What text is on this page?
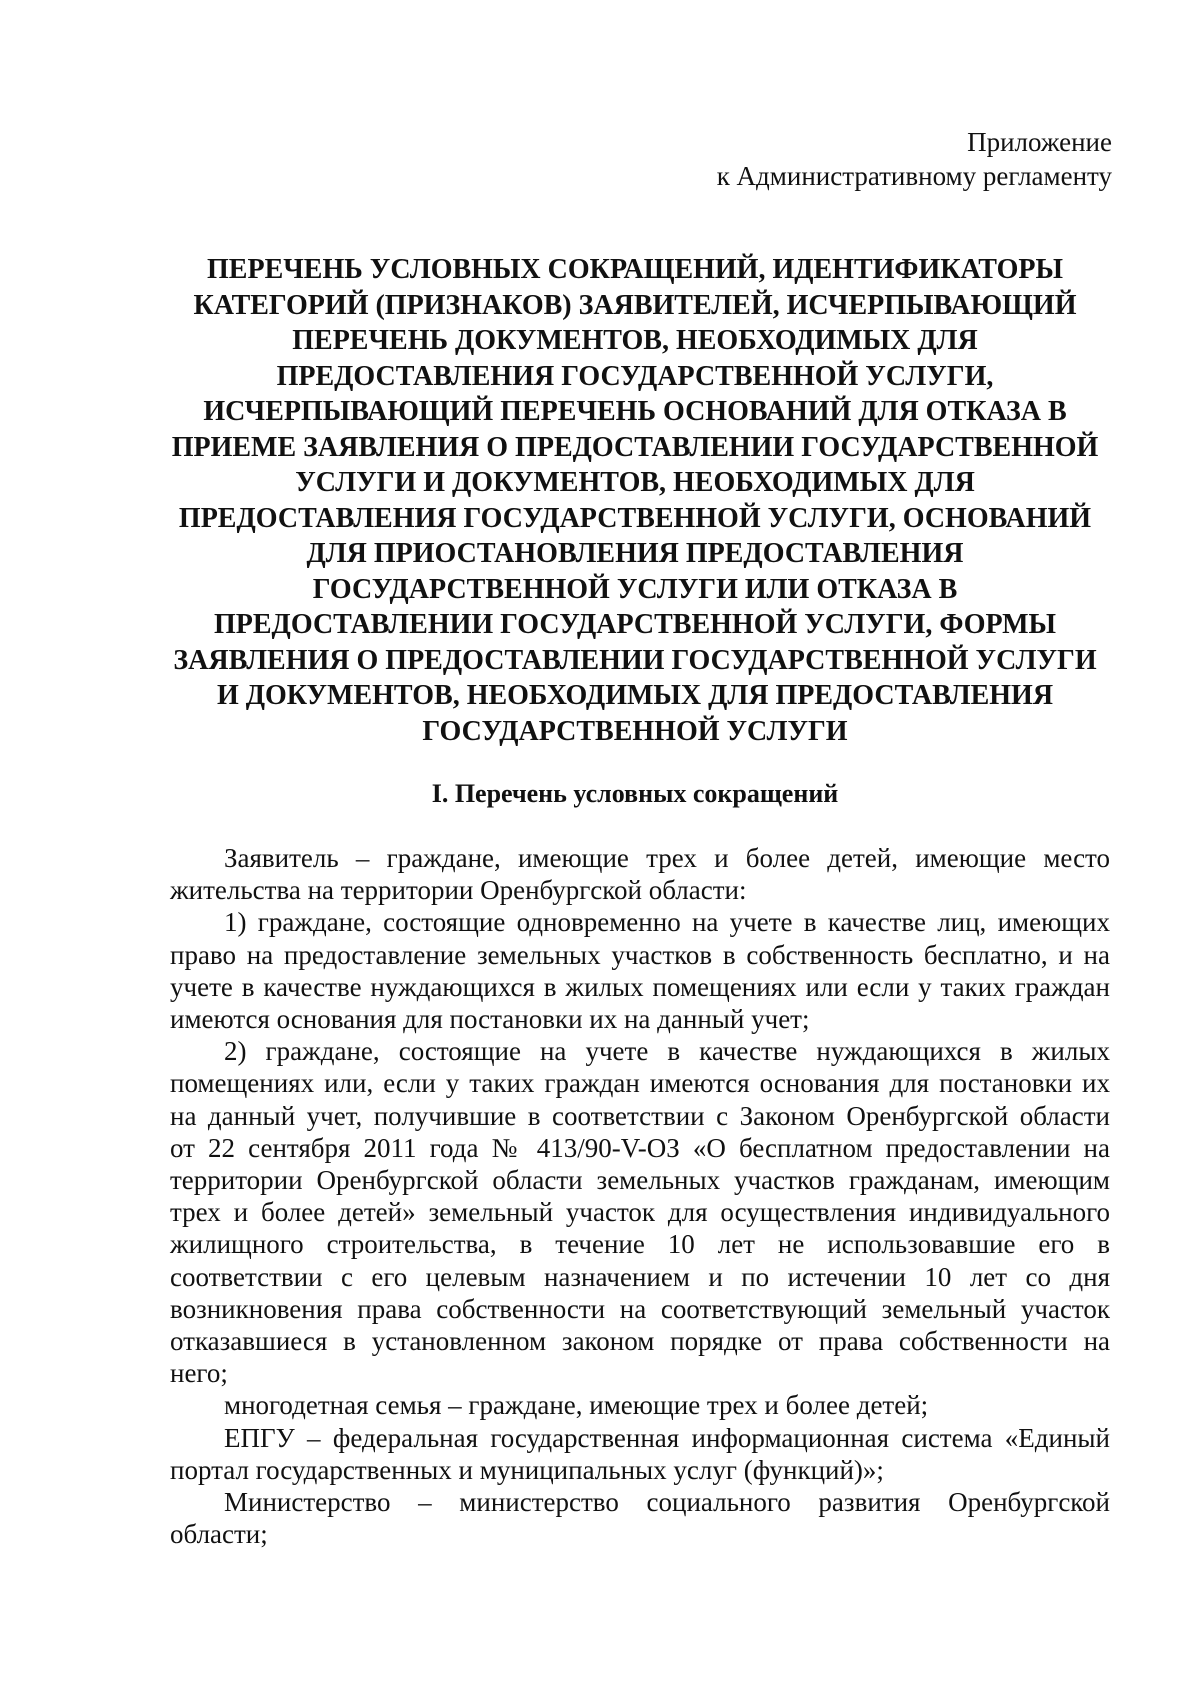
Приложение
к Административному регламенту
ПЕРЕЧЕНЬ УСЛОВНЫХ СОКРАЩЕНИЙ, ИДЕНТИФИКАТОРЫ
КАТЕГОРИЙ (ПРИЗНАКОВ) ЗАЯВИТЕЛЕЙ, ИСЧЕРПЫВАЮЩИЙ
ПЕРЕЧЕНЬ ДОКУМЕНТОВ, НЕОБХОДИМЫХ ДЛЯ
ПРЕДОСТАВЛЕНИЯ ГОСУДАРСТВЕННОЙ УСЛУГИ,
ИСЧЕРПЫВАЮЩИЙ ПЕРЕЧЕНЬ ОСНОВАНИЙ ДЛЯ ОТКАЗА В
ПРИЕМЕ ЗАЯВЛЕНИЯ О ПРЕДОСТАВЛЕНИИ ГОСУДАРСТВЕННОЙ
УСЛУГИ И ДОКУМЕНТОВ, НЕОБХОДИМЫХ ДЛЯ
ПРЕДОСТАВЛЕНИЯ ГОСУДАРСТВЕННОЙ УСЛУГИ, ОСНОВАНИЙ
ДЛЯ ПРИОСТАНОВЛЕНИЯ ПРЕДОСТАВЛЕНИЯ
ГОСУДАРСТВЕННОЙ УСЛУГИ ИЛИ ОТКАЗА В
ПРЕДОСТАВЛЕНИИ ГОСУДАРСТВЕННОЙ УСЛУГИ, ФОРМЫ
ЗАЯВЛЕНИЯ О ПРЕДОСТАВЛЕНИИ ГОСУДАРСТВЕННОЙ УСЛУГИ
И ДОКУМЕНТОВ, НЕОБХОДИМЫХ ДЛЯ ПРЕДОСТАВЛЕНИЯ
ГОСУДАРСТВЕННОЙ УСЛУГИ
I. Перечень условных сокращений
Заявитель – граждане, имеющие трех и более детей, имеющие место
жительства на территории Оренбургской области:
1) граждане, состоящие одновременно на учете в качестве лиц, имеющих
право на предоставление земельных участков в собственность бесплатно, и на
учете в качестве нуждающихся в жилых помещениях или если у таких граждан
имеются основания для постановки их на данный учет;
2) граждане, состоящие на учете в качестве нуждающихся в жилых
помещениях или, если у таких граждан имеются основания для постановки их
на данный учет, получившие в соответствии с Законом Оренбургской области
от 22 сентября 2011 года № 413/90-V-ОЗ «О бесплатном предоставлении на
территории Оренбургской области земельных участков гражданам, имеющим
трех и более детей» земельный участок для осуществления индивидуального
жилищного строительства, в течение 10 лет не использовавшие его в
соответствии с его целевым назначением и по истечении 10 лет со дня
возникновения права собственности на соответствующий земельный участок
отказавшиеся в установленном законом порядке от права собственности на
него;
многодетная семья – граждане, имеющие трех и более детей;
ЕПГУ – федеральная государственная информационная система «Единый
портал государственных и муниципальных услуг (функций)»;
Министерство – министерство социального развития Оренбургской
области;
